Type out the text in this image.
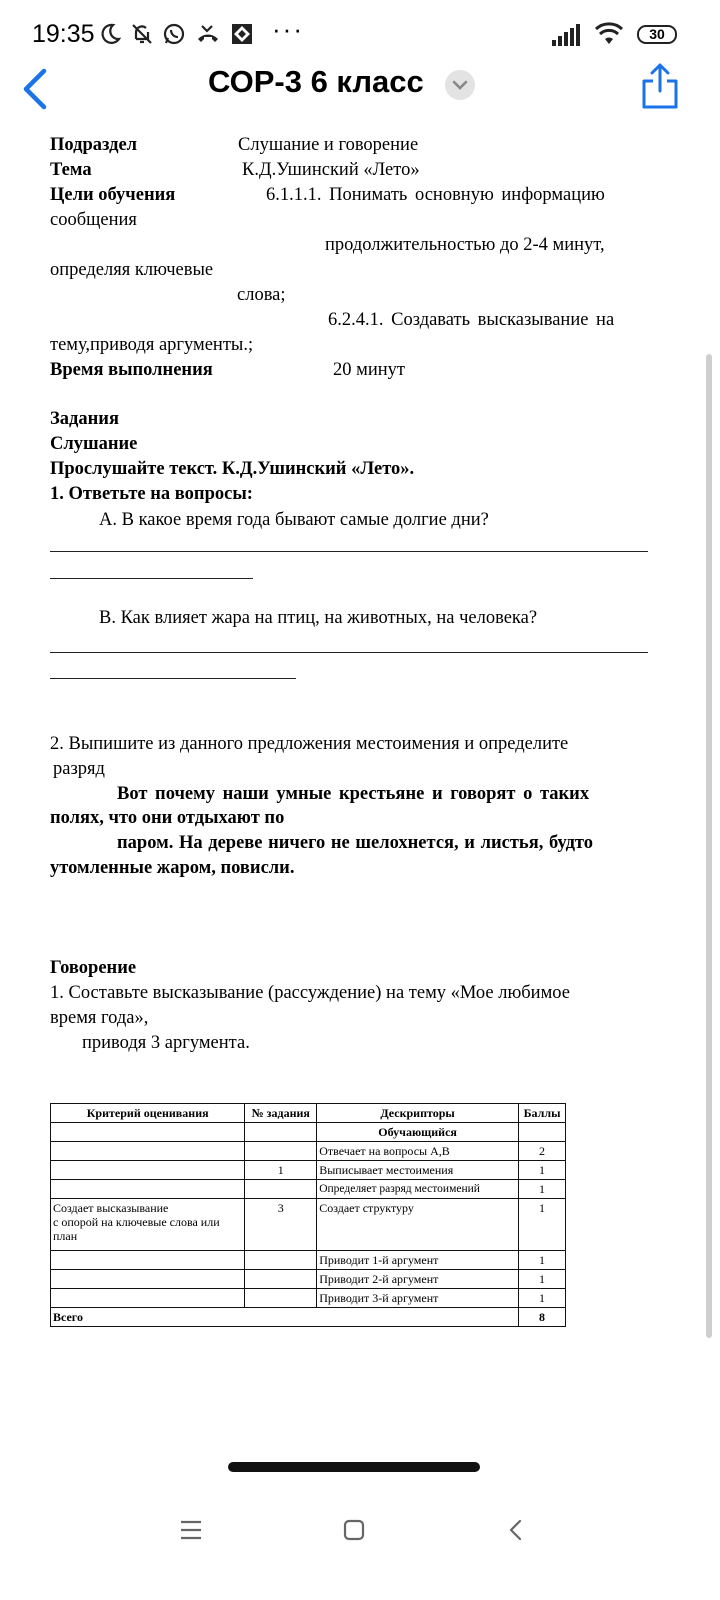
19:35	···	30
СОР-3 6 класс
Подраздел	Слушание и говорение
Тема	К.Д.Ушинский «Лето»
Цели обучения	6.1.1.1. Понимать основную информацию
сообщения
продолжительностью до 2-4 минут,
определяя ключевые
слова;
6.2.4.1. Создавать высказывание на
тему,приводя аргументы.;
Время выполнения	20 минут
Задания
Слушание
Прослушайте текст. К.Д.Ушинский «Лето».
1. Ответьте на вопросы:
А. В какое время года бывают самые долгие дни?
В. Как влияет жара на птиц, на животных, на человека?
2. Выпишите из данного предложения местоимения и определите
разряд
Вот почему наши умные крестьяне и говорят о таких
полях, что они отдыхают по
паром. На дереве ничего не шелохнется, и листья, будто
утомленные жаром, повисли.
Говорение
1. Составьте высказывание (рассуждение) на тему «Мое любимое
время года»,
приводя 3 аргумента.
Критерий оценивания	№ задания	Дескрипторы	Баллы
		Обучающийся	
		Отвечает на вопросы А,В	2
	1	Выписывает местоимения	1
		Определяет разряд местоимений	1
Создает высказывание
с опорой на ключевые слова или план	3	Создает структуру	1
		Приводит 1-й аргумент	1
		Приводит 2-й аргумент	1
		Приводит 3-й аргумент	1
Всего			8
